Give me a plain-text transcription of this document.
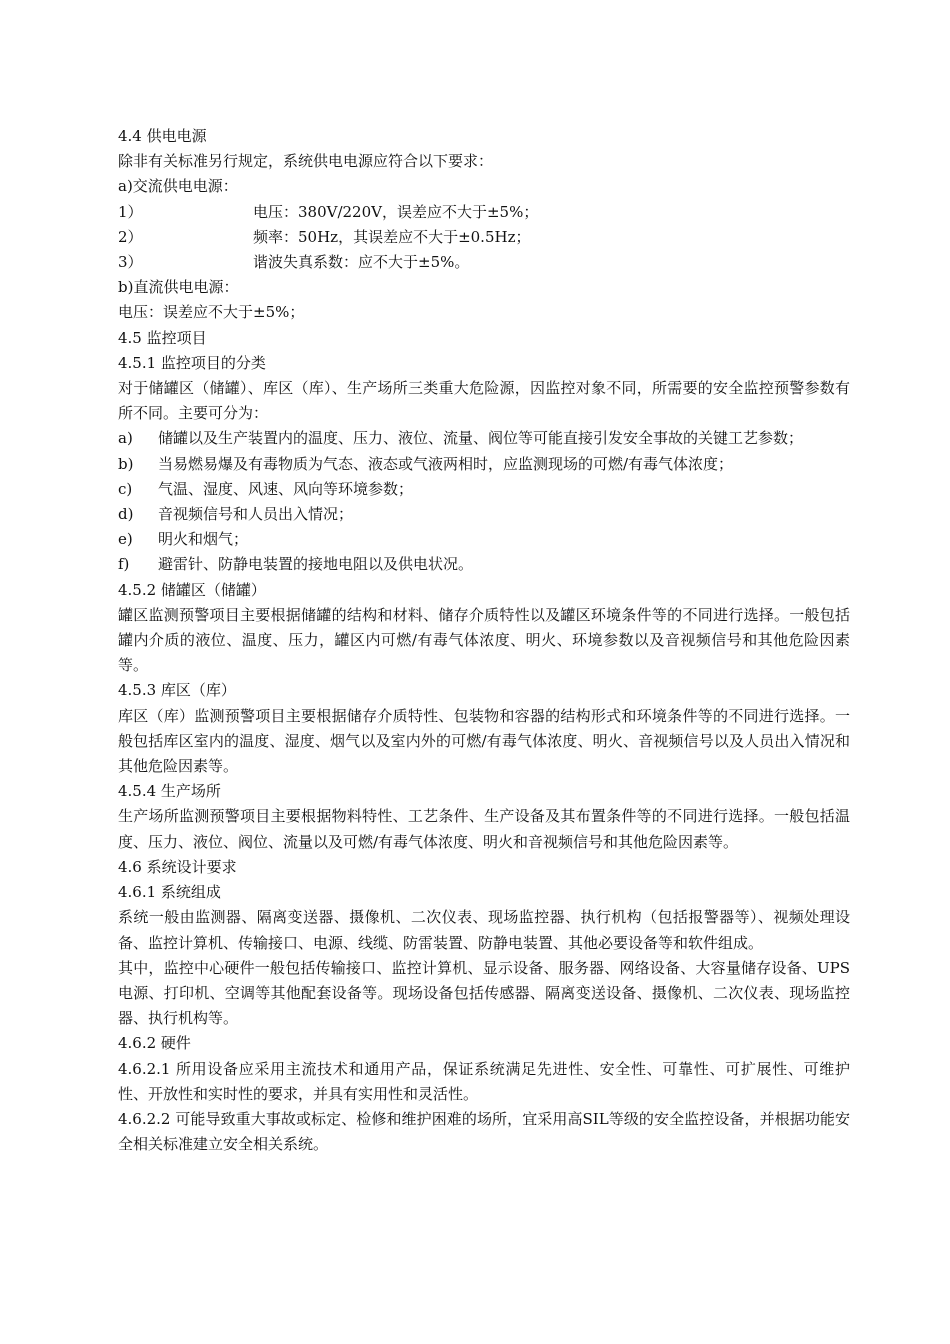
4.4 供电电源
除非有关标准另行规定，系统供电电源应符合以下要求：
a)交流供电电源：
1）	电压：380V/220V，误差应不大于±5%；
2）	频率：50Hz，其误差应不大于±0.5Hz；
3）	谐波失真系数：应不大于±5%。
b)直流供电电源：
电压：误差应不大于±5%；
4.5 监控项目
4.5.1 监控项目的分类
对于储罐区（储罐）、库区（库）、生产场所三类重大危险源，因监控对象不同，所需要的安全监控预警参数有所不同。主要可分为：
a)	储罐以及生产装置内的温度、压力、液位、流量、阀位等可能直接引发安全事故的关键工艺参数；
b)	当易燃易爆及有毒物质为气态、液态或气液两相时，应监测现场的可燃/有毒气体浓度；
c)	气温、湿度、风速、风向等环境参数；
d)	音视频信号和人员出入情况；
e)	明火和烟气；
f)	避雷针、防静电装置的接地电阻以及供电状况。
4.5.2 储罐区（储罐）
罐区监测预警项目主要根据储罐的结构和材料、储存介质特性以及罐区环境条件等的不同进行选择。一般包括罐内介质的液位、温度、压力，罐区内可燃/有毒气体浓度、明火、环境参数以及音视频信号和其他危险因素等。
4.5.3 库区（库）
库区（库）监测预警项目主要根据储存介质特性、包装物和容器的结构形式和环境条件等的不同进行选择。一般包括库区室内的温度、湿度、烟气以及室内外的可燃/有毒气体浓度、明火、音视频信号以及人员出入情况和其他危险因素等。
4.5.4 生产场所
生产场所监测预警项目主要根据物料特性、工艺条件、生产设备及其布置条件等的不同进行选择。一般包括温度、压力、液位、阀位、流量以及可燃/有毒气体浓度、明火和音视频信号和其他危险因素等。
4.6 系统设计要求
4.6.1 系统组成
系统一般由监测器、隔离变送器、摄像机、二次仪表、现场监控器、执行机构（包括报警器等）、视频处理设备、监控计算机、传输接口、电源、线缆、防雷装置、防静电装置、其他必要设备等和软件组成。
其中，监控中心硬件一般包括传输接口、监控计算机、显示设备、服务器、网络设备、大容量储存设备、UPS电源、打印机、空调等其他配套设备等。现场设备包括传感器、隔离变送设备、摄像机、二次仪表、现场监控器、执行机构等。
4.6.2 硬件
4.6.2.1 所用设备应采用主流技术和通用产品，保证系统满足先进性、安全性、可靠性、可扩展性、可维护性、开放性和实时性的要求，并具有实用性和灵活性。
4.6.2.2 可能导致重大事故或标定、检修和维护困难的场所，宜采用高SIL等级的安全监控设备，并根据功能安全相关标准建立安全相关系统。
